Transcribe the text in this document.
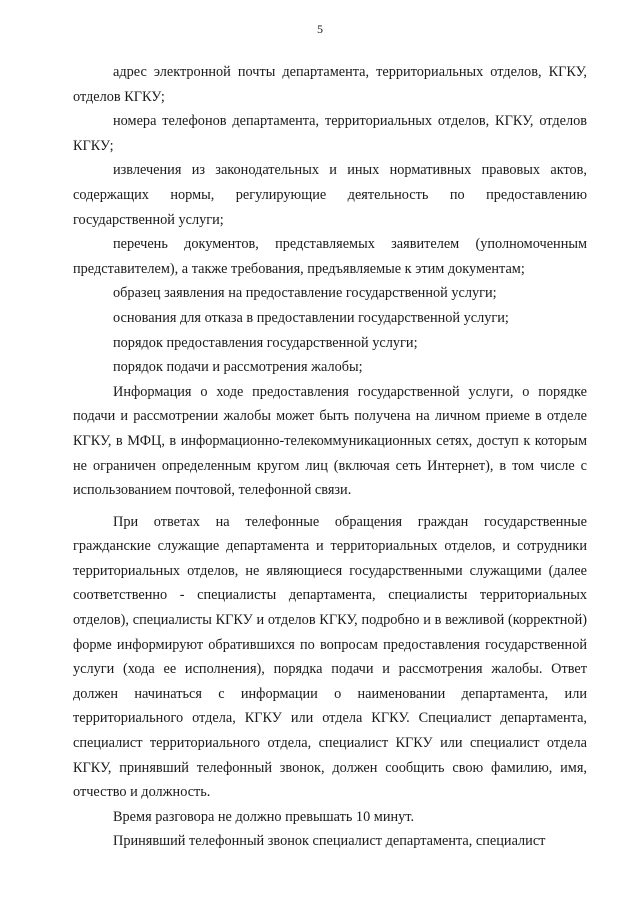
5

адрес электронной почты департамента, территориальных отделов, КГКУ, отделов КГКУ;

номера телефонов департамента, территориальных отделов, КГКУ, отделов КГКУ;

извлечения из законодательных и иных нормативных правовых актов, содержащих нормы, регулирующие деятельность по предоставлению государственной услуги;

перечень документов, представляемых заявителем (уполномоченным представителем), а также требования, предъявляемые к этим документам;

образец заявления на предоставление государственной услуги;

основания для отказа в предоставлении государственной услуги;

порядок предоставления государственной услуги;

порядок подачи и рассмотрения жалобы;

Информация о ходе предоставления государственной услуги, о порядке подачи и рассмотрении жалобы может быть получена на личном приеме в отделе КГКУ, в МФЦ, в информационно-телекоммуникационных сетях, доступ к которым не ограничен определенным кругом лиц (включая сеть Интернет), в том числе с использованием почтовой, телефонной связи.

При ответах на телефонные обращения граждан государственные гражданские служащие департамента и территориальных отделов, и сотрудники территориальных отделов, не являющиеся государственными служащими (далее соответственно - специалисты департамента, специалисты территориальных отделов), специалисты КГКУ и отделов КГКУ, подробно и в вежливой (корректной) форме информируют обратившихся по вопросам предоставления государственной услуги (хода ее исполнения), порядка подачи и рассмотрения жалобы. Ответ должен начинаться с информации о наименовании департамента, или территориального отдела, КГКУ или отдела КГКУ. Специалист департамента, специалист территориального отдела, специалист КГКУ или специалист отдела КГКУ, принявший телефонный звонок, должен сообщить свою фамилию, имя, отчество и должность.

Время разговора не должно превышать 10 минут.

Принявший телефонный звонок специалист департамента, специалист
